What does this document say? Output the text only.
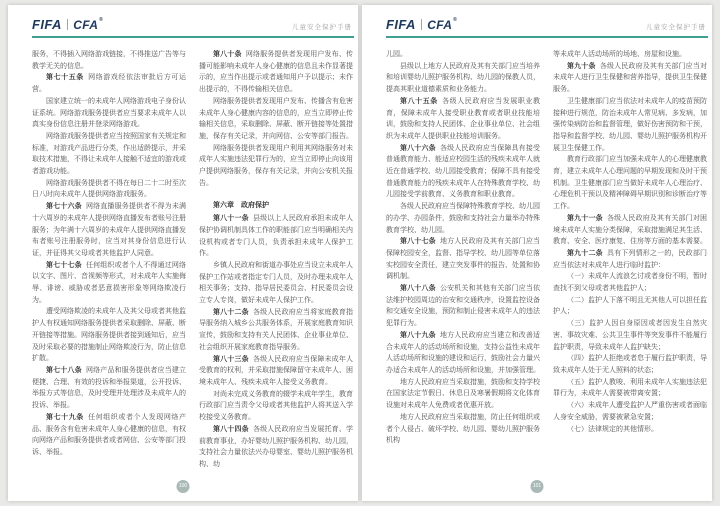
FIFA CFA®
儿童安全保护手册

服务，不得插入网络游戏链接，不得推送广告等与教学无关的信息。

第七十五条 网络游戏经依法审批后方可运营。

国家建立统一的未成年人网络游戏电子身份认证系统。网络游戏服务提供者应当要求未成年人以真实身份信息注册并登录网络游戏。

网络游戏服务提供者应当按照国家有关规定和标准，对游戏产品进行分类，作出适龄提示，并采取技术措施，不得让未成年人接触不适宜的游戏或者游戏功能。

网络游戏服务提供者不得在每日二十二时至次日八时向未成年人提供网络游戏服务。

第七十六条 网络直播服务提供者不得为未满十六周岁的未成年人提供网络直播发布者账号注册服务；为年满十六周岁的未成年人提供网络直播发布者账号注册服务时，应当对其身份信息进行认证，并征得其父母或者其他监护人同意。

第七十七条 任何组织或者个人不得通过网络以文字、图片、音视频等形式，对未成年人实施侮辱、诽谤、威胁或者恶意损害形象等网络欺凌行为。

遭受网络欺凌的未成年人及其父母或者其他监护人有权通知网络服务提供者采取删除、屏蔽、断开链接等措施。网络服务提供者接到通知后，应当及时采取必要的措施制止网络欺凌行为，防止信息扩散。

第七十八条 网络产品和服务提供者应当建立便捷、合理、有效的投诉和举报渠道，公开投诉、举报方式等信息，及时受理并处理涉及未成年人的投诉、举报。

第七十九条 任何组织或者个人发现网络产品、服务含有危害未成年人身心健康的信息，有权向网络产品和服务提供者或者网信、公安等部门投诉、举报。

第八十条 网络服务提供者发现用户发布、传播可能影响未成年人身心健康的信息且未作显著提示的，应当作出提示或者通知用户予以提示；未作出提示的，不得传输相关信息。

网络服务提供者发现用户发布、传播含有危害未成年人身心健康内容的信息的，应当立即停止传输相关信息，采取删除、屏蔽、断开链接等处置措施，保存有关记录，并向网信、公安等部门报告。

网络服务提供者发现用户利用其网络服务对未成年人实施违法犯罪行为的，应当立即停止向该用户提供网络服务，保存有关记录，并向公安机关报告。

第六章　政府保护

第八十一条 县级以上人民政府承担未成年人保护协调机制具体工作的职能部门应当明确相关内设机构或者专门人员，负责承担未成年人保护工作。

乡镇人民政府和街道办事处应当设立未成年人保护工作站或者指定专门人员，及时办理未成年人相关事务；支持、指导居民委员会、村民委员会设立专人专岗，做好未成年人保护工作。

第八十二条 各级人民政府应当将家庭教育指导服务纳入城乡公共服务体系，开展家庭教育知识宣传，鼓励和支持有关人民团体、企业事业单位、社会组织开展家庭教育指导服务。

第八十三条 各级人民政府应当保障未成年人受教育的权利，并采取措施保障留守未成年人、困境未成年人、残疾未成年人接受义务教育。

对尚未完成义务教育的辍学未成年学生，教育行政部门应当责令父母或者其他监护人将其送入学校接受义务教育。

第八十四条 各级人民政府应当发展托育、学前教育事业，办好婴幼儿照护服务机构、幼儿园，支持社会力量依法兴办母婴室、婴幼儿照护服务机构、幼

100
FIFA CFA®
儿童安全保护手册

儿园。

县级以上地方人民政府及其有关部门应当培养和培训婴幼儿照护服务机构、幼儿园的保教人员，提高其职业道德素质和业务能力。

第八十五条 各级人民政府应当发展职业教育，保障未成年人接受职业教育或者职业技能培训，鼓励和支持人民团体、企业事业单位、社会组织为未成年人提供职业技能培训服务。

第八十六条 各级人民政府应当保障具有接受普通教育能力、能适应校园生活的残疾未成年人就近在普通学校、幼儿园接受教育；保障不具有接受普通教育能力的残疾未成年人在特殊教育学校、幼儿园接受学前教育、义务教育和职业教育。

各级人民政府应当保障特殊教育学校、幼儿园的办学、办园条件，鼓励和支持社会力量举办特殊教育学校、幼儿园。

第八十七条 地方人民政府及其有关部门应当保障校园安全，监督、指导学校、幼儿园等单位落实校园安全责任，建立突发事件的报告、处置和协调机制。

第八十八条 公安机关和其他有关部门应当依法维护校园周边的治安和交通秩序，设置监控设备和交通安全设施，预防和制止侵害未成年人的违法犯罪行为。

第八十九条 地方人民政府应当建立和改善适合未成年人的活动场所和设施，支持公益性未成年人活动场所和设施的建设和运行，鼓励社会力量兴办适合未成年人的活动场所和设施，并加强管理。

地方人民政府应当采取措施，鼓励和支持学校在国家法定节假日、休息日及寒暑假期将文化体育设施对未成年人免费或者优惠开放。

地方人民政府应当采取措施，防止任何组织或者个人侵占、破坏学校、幼儿园、婴幼儿照护服务机构

等未成年人活动场所的场地、房屋和设施。

第九十条 各级人民政府及其有关部门应当对未成年人进行卫生保健和营养指导，提供卫生保健服务。

卫生健康部门应当依法对未成年人的疫苗预防接种进行规范，防治未成年人常见病、多发病，加强传染病防治和监督管理，做好伤害预防和干预，指导和监督学校、幼儿园、婴幼儿照护服务机构开展卫生保健工作。

教育行政部门应当加强未成年人的心理健康教育，建立未成年人心理问题的早期发现和及时干预机制。卫生健康部门应当做好未成年人心理治疗、心理危机干预以及精神障碍早期识别和诊断治疗等工作。

第九十一条 各级人民政府及其有关部门对困境未成年人实施分类保障，采取措施满足其生活、教育、安全、医疗康复、住房等方面的基本需要。

第九十二条 具有下列情形之一的，民政部门应当依法对未成年人进行临时监护：

（一）未成年人流浪乞讨或者身份不明，暂时查找不到父母或者其他监护人；

（二）监护人下落不明且无其他人可以担任监护人；

（三）监护人因自身原因或者因发生自然灾害、事故灾难、公共卫生事件等突发事件不能履行监护职责，导致未成年人监护缺失；

（四）监护人拒绝或者怠于履行监护职责，导致未成年人处于无人照料的状态；

（五）监护人教唆、利用未成年人实施违法犯罪行为，未成年人需要被带离安置；

（六）未成年人遭受监护人严重伤害或者面临人身安全威胁，需要被紧急安置；

（七）法律规定的其他情形。

101
